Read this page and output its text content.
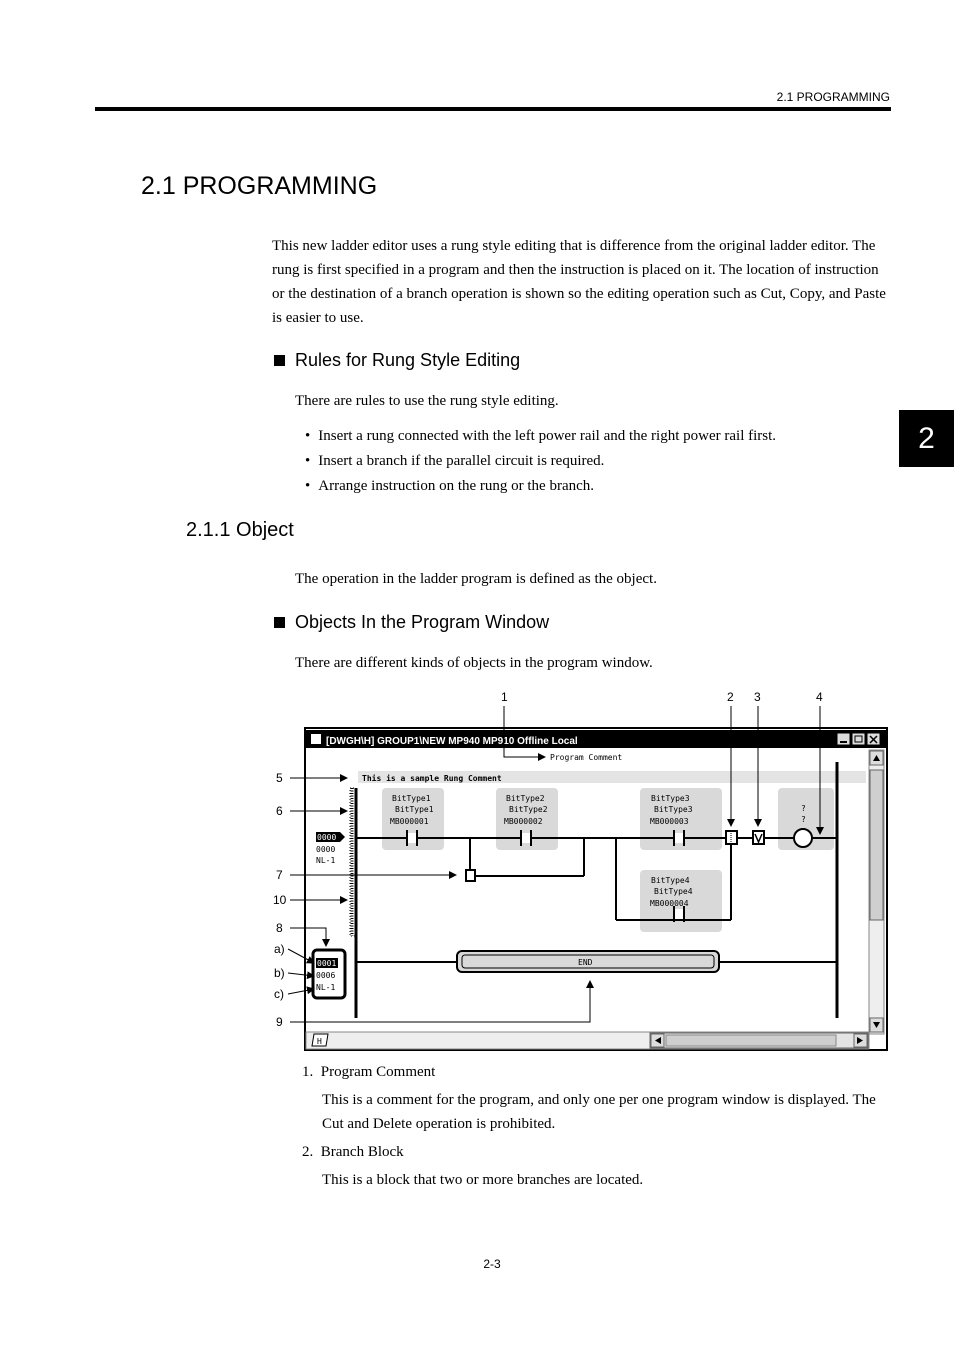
2.1 PROGRAMMING
2
2.1 PROGRAMMING

This new ladder editor uses a rung style editing that is difference from the original ladder editor. The rung is first specified in a program and then the instruction is placed on it. The location of instruction or the destination of a branch operation is shown so the editing operation such as Cut, Copy, and Paste is easier to use.

Rules for Rung Style Editing

There are rules to use the rung style editing.

• Insert a rung connected with the left power rail and the right power rail first.
• Insert a branch if the parallel circuit is required.
• Arrange instruction on the rung or the branch.
2.1.1 Object

The operation in the ladder program is defined as the object.

Objects In the Program Window

There are different kinds of objects in the program window.

[DWGH\H] GROUP1\NEW MP940 MP910 Offline Local
Program Comment
This is a sample Rung Comment
H
0000
0000
NL-1
BitType1
BitType1
MB000001
BitType2
BitType2
MB000002
BitType3
BitType3
MB000003
BitType4
BitType4
MB000004
?
?
0001
0006
NL-1
END
1	2 3	4
5
6
7
10
8
a)
b)
c)
9

1. Program Comment

This is a comment for the program, and only one per one program window is displayed. The Cut and Delete operation is prohibited.

2. Branch Block

This is a block that two or more branches are located.

2-3
